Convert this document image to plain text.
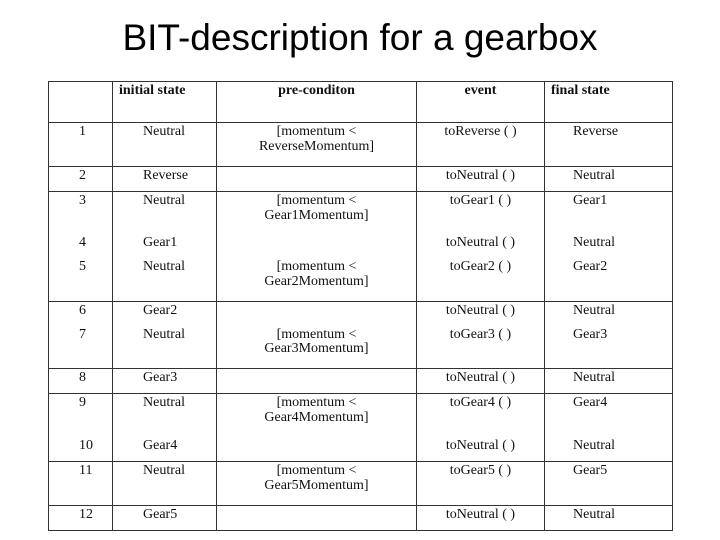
BIT-description for a gearbox
	initial state	pre-conditon	event	final state
1	Neutral	[momentum < ReverseMomentum]	toReverse ( )	Reverse
2	Reverse		toNeutral ( )	Neutral
3	Neutral	[momentum < Gear1Momentum]	toGear1 ( )	Gear1
4	Gear1		toNeutral ( )	Neutral
5	Neutral	[momentum < Gear2Momentum]	toGear2 ( )	Gear2
6	Gear2		toNeutral ( )	Neutral
7	Neutral	[momentum < Gear3Momentum]	toGear3 ( )	Gear3
8	Gear3		toNeutral ( )	Neutral
9	Neutral	[momentum < Gear4Momentum]	toGear4 ( )	Gear4
10	Gear4		toNeutral ( )	Neutral
11	Neutral	[momentum < Gear5Momentum]	toGear5 ( )	Gear5
12	Gear5		toNeutral ( )	Neutral
